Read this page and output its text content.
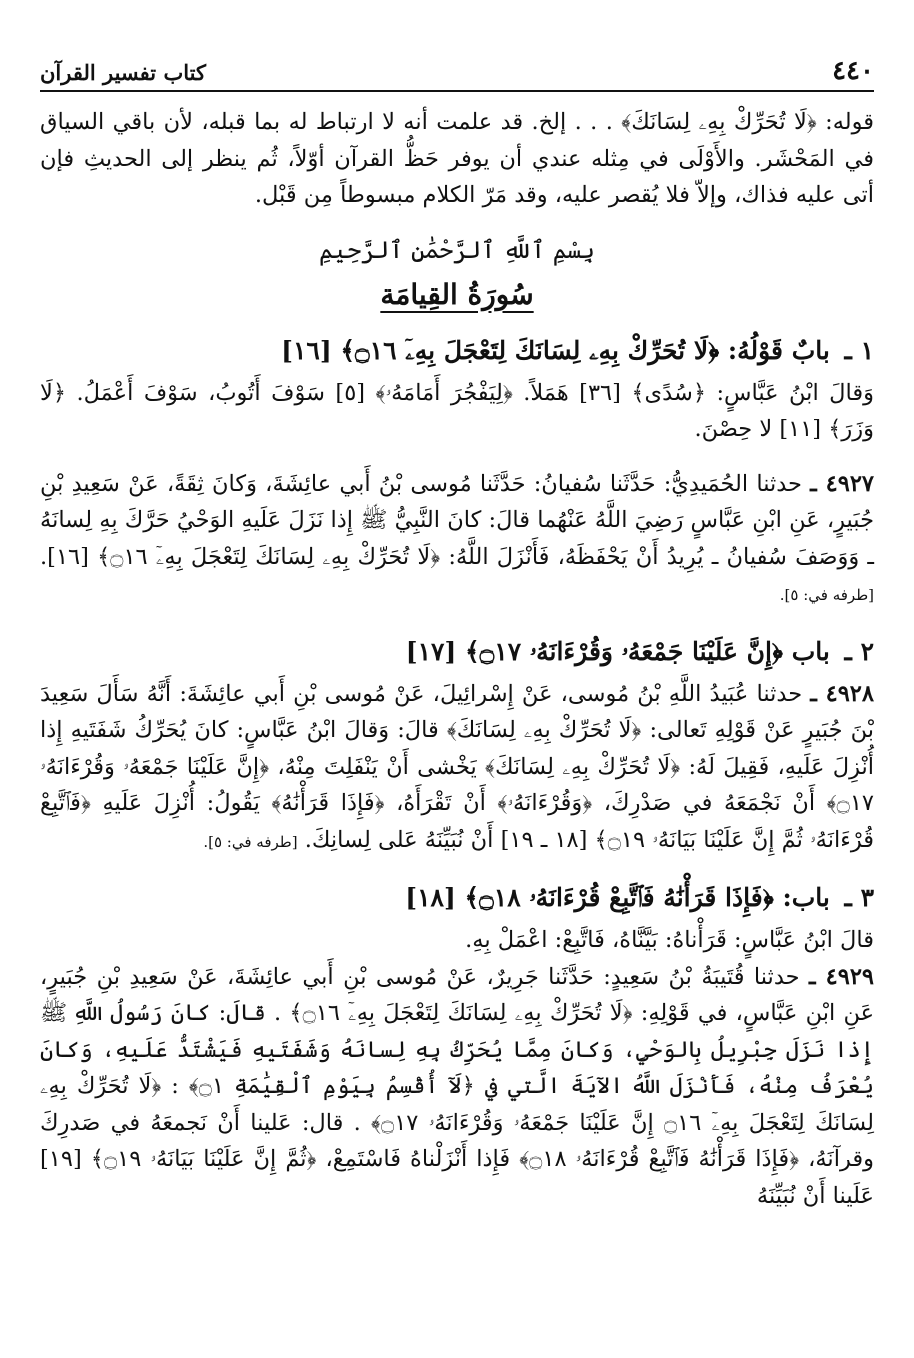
٤٤٠
كتاب تفسير القرآن

قوله: ﴿لَا تُحَرِّكْ بِهِۦ لِسَانَكَ﴾ . . . إلخ. قد علمت أنه لا ارتباط له بما قبله، لأن باقي السياق في المَحْشَر. والأَوْلَى في مِثله عندي أن يوفر حَظُّ القرآن أوّلاً، ثُم ينظر إلى الحديثِ فإن أتى عليه فذاك، وإلاّ فلا يُقصر عليه، وقد مَرّ الكلام مبسوطاً مِن قَبْل.

بِسْمِ ٱللَّهِ ٱلرَّحْمَٰنِ ٱلرَّحِيمِ
سُورَةُ القِيامَة
١ ـ بابٌ قَوْلُهُ: ﴿لَا تُحَرِّكْ بِهِۦ لِسَانَكَ لِتَعْجَلَ بِهِۦٓ ۝١٦﴾ [١٦]

وَقالَ ابْنُ عَبَّاسٍ: ﴿سُدًى﴾ [٣٦] هَمَلاً. ﴿لِيَفْجُرَ أَمَامَهُۥ﴾ [٥] سَوْفَ أَتُوبُ، سَوْفَ أَعْمَلُ. ﴿لَا وَزَرَ﴾ [١١] لا حِصْنَ.

٤٩٢٧ ـ حدثنا الحُمَيدِيُّ: حَدَّثَنا سُفيانُ: حَدَّثَنا مُوسى بْنُ أَبي عائِشَةَ، وَكانَ ثِقَةً، عَنْ سَعِيدِ بْنِ جُبَيرٍ، عَنِ ابْنِ عَبَّاسٍ رَضِيَ اللَّهُ عَنْهُما قالَ: كانَ النَّبِيُّ ﷺ إِذا نَزَلَ عَلَيهِ الوَحْيُ حَرَّكَ بِهِ لِسانَهُ ـ وَوَصَفَ سُفيانُ ـ يُرِيدُ أَنْ يَحْفَظَهُ، فَأَنْزَلَ اللَّهُ: ﴿لَا تُحَرِّكْ بِهِۦ لِسَانَكَ لِتَعْجَلَ بِهِۦٓ ۝١٦﴾ [١٦]. [طرفه في: ٥].

٢ ـ باب ﴿إِنَّ عَلَيْنَا جَمْعَهُۥ وَقُرْءَانَهُۥ ۝١٧﴾ [١٧]

٤٩٢٨ ـ حدثنا عُبَيدُ اللَّهِ بْنُ مُوسى، عَنْ إِسْرائِيلَ، عَنْ مُوسى بْنِ أَبي عائِشَةَ: أَنَّهُ سَأَلَ سَعِيدَ بْنَ جُبَيرٍ عَنْ قَوْلِهِ تَعالى: ﴿لَا تُحَرِّكْ بِهِۦ لِسَانَكَ﴾ قالَ: وَقالَ ابْنُ عَبَّاسٍ: كانَ يُحَرِّكُ شَفَتَيهِ إِذا أُنْزِلَ عَلَيهِ، فَقِيلَ لَهُ: ﴿لَا تُحَرِّكْ بِهِۦ لِسَانَكَ﴾ يَخْشى أَنْ يَنْفَلِتَ مِنْهُ، ﴿إِنَّ عَلَيْنَا جَمْعَهُۥ وَقُرْءَانَهُۥ ۝١٧﴾ أَنْ نَجْمَعَهُ في صَدْرِكَ، ﴿وَقُرْءَانَهُۥ﴾ أَنْ تَقْرَأَهُ، ﴿فَإِذَا قَرَأْنَٰهُ﴾ يَقُولُ: أُنْزِلَ عَلَيهِ ﴿فَٱتَّبِعْ قُرْءَانَهُۥ ثُمَّ إِنَّ عَلَيْنَا بَيَانَهُۥ ۝١٩﴾ [١٨ ـ ١٩] أَنْ نُبَيِّنَهُ عَلى لِسانِكَ. [طرفه في: ٥].

٣ ـ باب: ﴿فَإِذَا قَرَأْنَٰهُ فَٱتَّبِعْ قُرْءَانَهُۥ ۝١٨﴾ [١٨]

قالَ ابْنُ عَبَّاسٍ: قَرَأْناهُ: بَيَّنَّاهُ، فَاتَّبِعْ: اعْمَلْ بِهِ.

٤٩٢٩ ـ حدثنا قُتَيبَةُ بْنُ سَعِيدٍ: حَدَّثَنا جَرِيرٌ، عَنْ مُوسى بْنِ أَبي عائِشَةَ، عَنْ سَعِيدِ بْنِ جُبَيرٍ، عَنِ ابْنِ عَبَّاسٍ، في قَوْلِهِ: ﴿لَا تُحَرِّكْ بِهِۦ لِسَانَكَ لِتَعْجَلَ بِهِۦٓ ۝١٦﴾ . قالَ: كانَ رَسُولُ اللَّهِ ﷺ إِذا نَزَلَ جِبْرِيلُ بِالوَحْيِ، وَكانَ مِمَّا يُحَرِّكُ بِهِ لِسانَهُ وَشَفَتَيهِ فَيَشْتَدُّ عَلَيهِ، وَكانَ يُعْرَفُ مِنْهُ، فَأَنْزَلَ اللَّهُ الآيَةَ الَّتي في ﴿لَآ أُقْسِمُ بِيَوْمِ ٱلْقِيَٰمَةِ ۝١﴾ : ﴿لَا تُحَرِّكْ بِهِۦ لِسَانَكَ لِتَعْجَلَ بِهِۦٓ ۝١٦ إِنَّ عَلَيْنَا جَمْعَهُۥ وَقُرْءَانَهُۥ ۝١٧﴾ . قال: عَلينا أَنْ نَجمعَهُ في صَدرِكَ وقرآنَهُ، ﴿فَإِذَا قَرَأْنَٰهُ فَٱتَّبِعْ قُرْءَانَهُۥ ۝١٨﴾ فَإِذا أَنْزَلْناهُ فَاسْتَمِعْ، ﴿ثُمَّ إِنَّ عَلَيْنَا بَيَانَهُۥ ۝١٩﴾ [١٩] عَلَينا أَنْ نُبَيِّنَهُ
